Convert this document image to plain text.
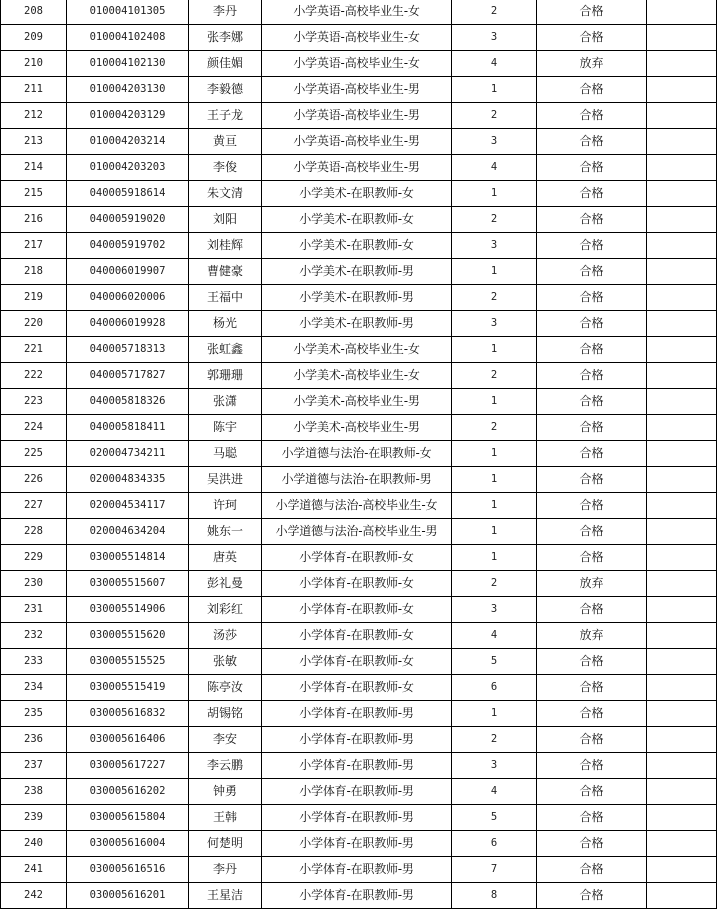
208	010004101305	李丹	小学英语-高校毕业生-女	2	合格	
209	010004102408	张李娜	小学英语-高校毕业生-女	3	合格	
210	010004102130	颜佳媚	小学英语-高校毕业生-女	4	放弃	
211	010004203130	李毅德	小学英语-高校毕业生-男	1	合格	
212	010004203129	王子龙	小学英语-高校毕业生-男	2	合格	
213	010004203214	黄亘	小学英语-高校毕业生-男	3	合格	
214	010004203203	李俊	小学英语-高校毕业生-男	4	合格	
215	040005918614	朱文清	小学美术-在职教师-女	1	合格	
216	040005919020	刘阳	小学美术-在职教师-女	2	合格	
217	040005919702	刘桂辉	小学美术-在职教师-女	3	合格	
218	040006019907	曹健豪	小学美术-在职教师-男	1	合格	
219	040006020006	王福中	小学美术-在职教师-男	2	合格	
220	040006019928	杨光	小学美术-在职教师-男	3	合格	
221	040005718313	张虹鑫	小学美术-高校毕业生-女	1	合格	
222	040005717827	郭珊珊	小学美术-高校毕业生-女	2	合格	
223	040005818326	张潇	小学美术-高校毕业生-男	1	合格	
224	040005818411	陈宇	小学美术-高校毕业生-男	2	合格	
225	020004734211	马聪	小学道德与法治-在职教师-女	1	合格	
226	020004834335	吴洪进	小学道德与法治-在职教师-男	1	合格	
227	020004534117	许珂	小学道德与法治-高校毕业生-女	1	合格	
228	020004634204	姚东一	小学道德与法治-高校毕业生-男	1	合格	
229	030005514814	唐英	小学体育-在职教师-女	1	合格	
230	030005515607	彭礼曼	小学体育-在职教师-女	2	放弃	
231	030005514906	刘彩红	小学体育-在职教师-女	3	合格	
232	030005515620	汤莎	小学体育-在职教师-女	4	放弃	
233	030005515525	张敏	小学体育-在职教师-女	5	合格	
234	030005515419	陈亭汝	小学体育-在职教师-女	6	合格	
235	030005616832	胡锡铭	小学体育-在职教师-男	1	合格	
236	030005616406	李安	小学体育-在职教师-男	2	合格	
237	030005617227	李云鹏	小学体育-在职教师-男	3	合格	
238	030005616202	钟勇	小学体育-在职教师-男	4	合格	
239	030005615804	王韩	小学体育-在职教师-男	5	合格	
240	030005616004	何楚明	小学体育-在职教师-男	6	合格	
241	030005616516	李丹	小学体育-在职教师-男	7	合格	
242	030005616201	王星洁	小学体育-在职教师-男	8	合格	
